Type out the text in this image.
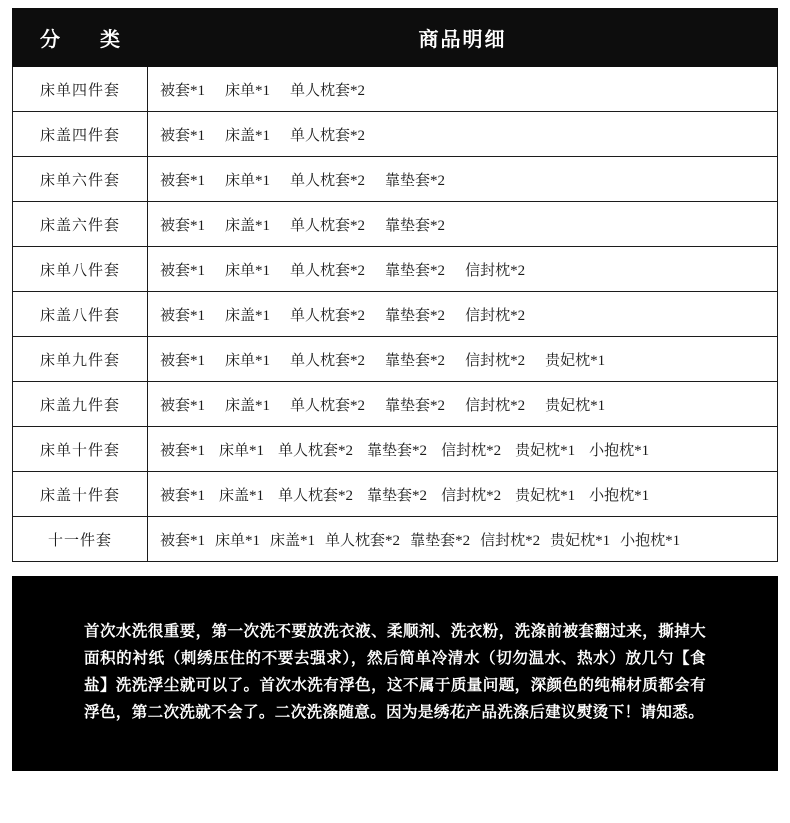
分　类	商品明细
床单四件套	被套*1 床单*1 单人枕套*2

床盖四件套	被套*1 床盖*1 单人枕套*2

床单六件套	被套*1 床单*1 单人枕套*2 靠垫套*2

床盖六件套	被套*1 床盖*1 单人枕套*2 靠垫套*2

床单八件套	被套*1 床单*1 单人枕套*2 靠垫套*2 信封枕*2

床盖八件套	被套*1 床盖*1 单人枕套*2 靠垫套*2 信封枕*2

床单九件套	被套*1 床单*1 单人枕套*2 靠垫套*2 信封枕*2 贵妃枕*1

床盖九件套	被套*1 床盖*1 单人枕套*2 靠垫套*2 信封枕*2 贵妃枕*1

床单十件套	被套*1 床单*1 单人枕套*2 靠垫套*2 信封枕*2 贵妃枕*1 小抱枕*1

床盖十件套	被套*1 床盖*1 单人枕套*2 靠垫套*2 信封枕*2 贵妃枕*1 小抱枕*1

十一件套	被套*1 床单*1 床盖*1 单人枕套*2 靠垫套*2 信封枕*2 贵妃枕*1 小抱枕*1

首次水洗很重要，第一次洗不要放洗衣液、柔顺剂、洗衣粉，洗涤前被套翻过来，撕掉大面积的衬纸（刺绣压住的不要去强求），然后简单冷清水（切勿温水、热水）放几勺【食盐】洗洗浮尘就可以了。首次水洗有浮色，这不属于质量问题，深颜色的纯棉材质都会有浮色，第二次洗就不会了。二次洗涤随意。因为是绣花产品洗涤后建议熨烫下！请知悉。
